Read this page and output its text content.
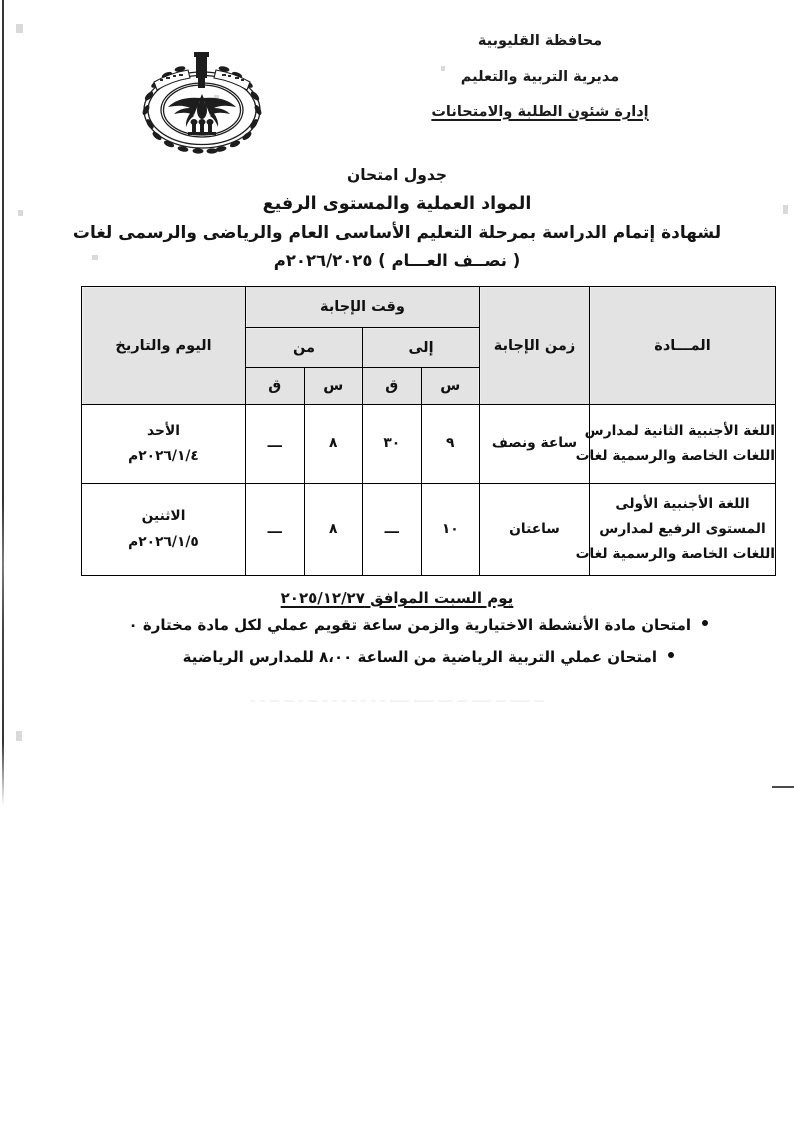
محافظة القليوبية
مديرية التربية والتعليم
إدارة شئون الطلبة والامتحانات
جدول امتحان
المواد العملية والمستوى الرفيع
لشهادة إتمام الدراسة بمرحلة التعليم الأساسى العام والرياضى والرسمى لغات
( نصــف العـــام ) ٢٠٢٦/٢٠٢٥م
المـــادة	زمن الإجابة	وقت الإجابة				اليوم والتاريخ
		إلى		من		
		س	ق	س	ق	

اللغة الأجنبية الثانية لمدارس
اللغات الخاصة والرسمية لغات	ساعة ونصف	٩	٣٠	٨	ـــ	الأحد
٢٠٢٦/١/٤م

اللغة الأجنبية الأولى
المستوى الرفيع لمدارس
اللغات الخاصة والرسمية لغات	ساعتان	١٠	ـــ	٨	ـــ	الاثنين
٢٠٢٦/١/٥م
يوم السبت الموافق ٢٠٢٥/١٢/٢٧
امتحان مادة الأنشطة الاختيارية والزمن ساعة تقويم عملي لكل مادة مختارة ٠
امتحان عملي التربية الرياضية من الساعة ٨،٠٠ للمدارس الرياضية
ــ ــــ ــ ــــ ــ ـــ ــــ ــــ ـ ـ ـ ـ ـ ـ ـ ــ ـ ــ ــ ـ ـ
